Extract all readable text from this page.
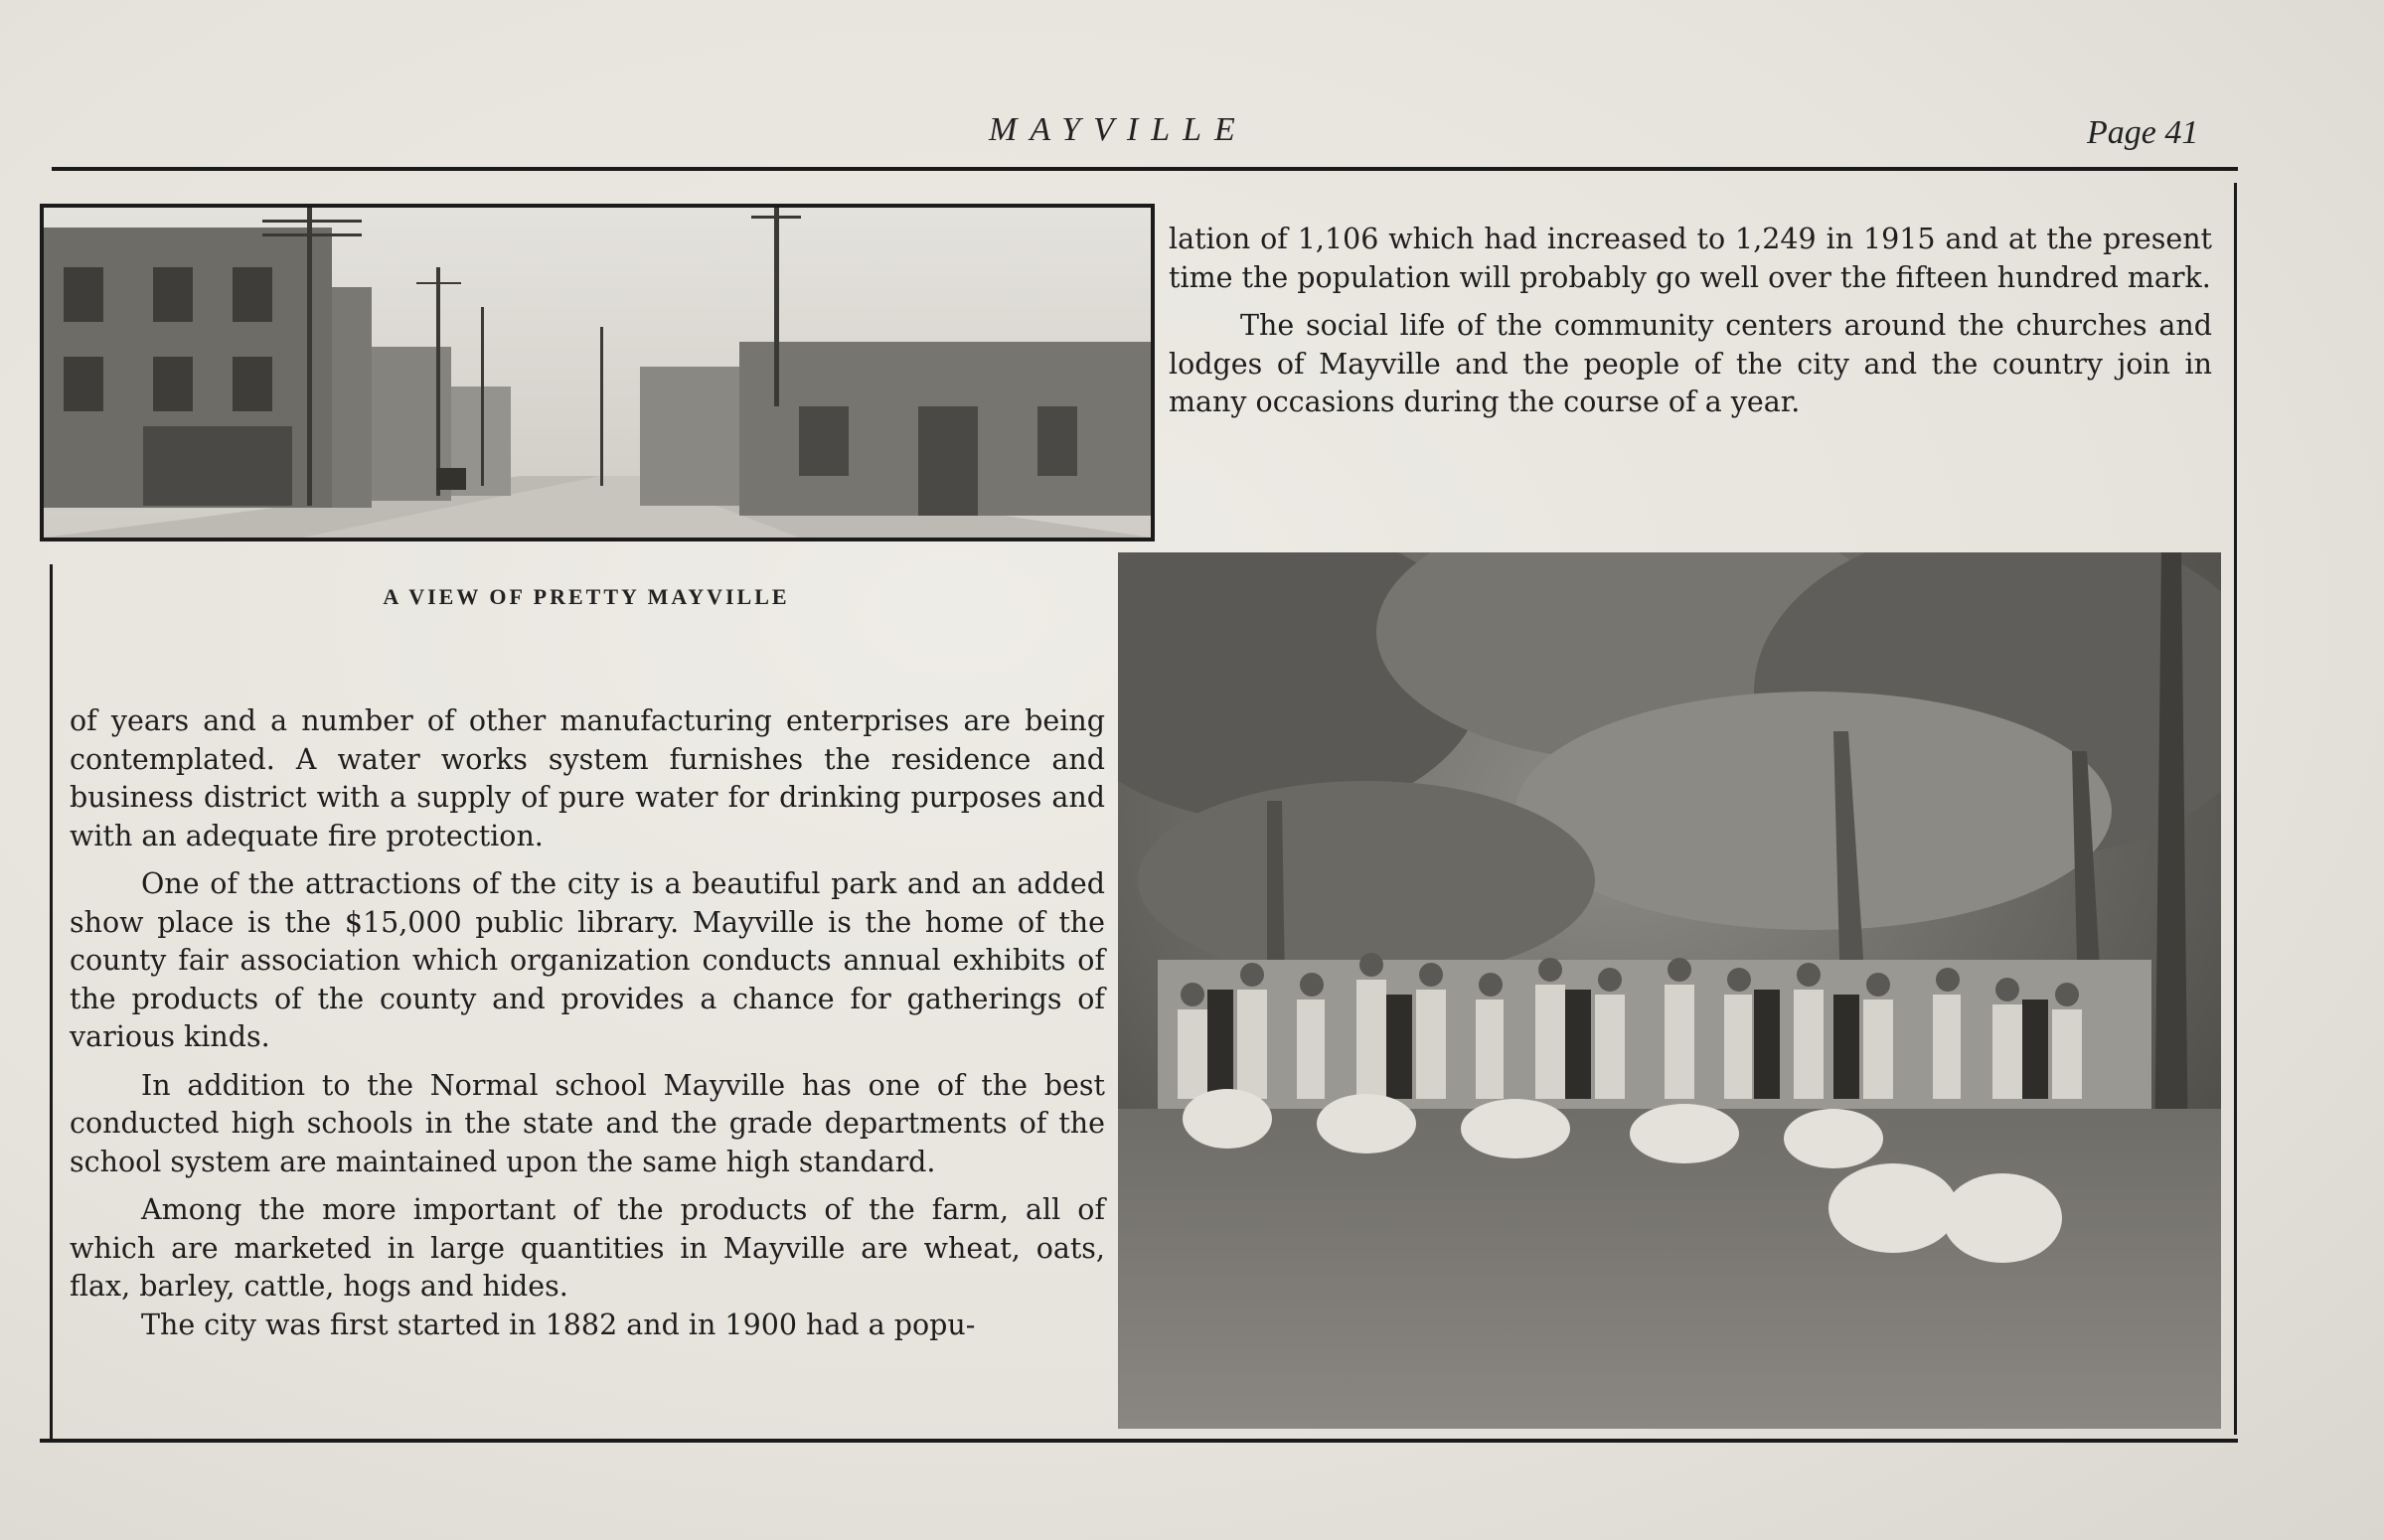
MAYVILLE	Page 41
A VIEW OF PRETTY MAYVILLE

lation of 1,106 which had increased to 1,249 in 1915 and at the present time the population will probably go well over the fifteen hundred mark.

The social life of the community centers around the churches and lodges of Mayville and the people of the city and the country join in many occasions during the course of a year.

of years and a number of other manufacturing enterprises are being contemplated. A water works system furnishes the residence and business district with a supply of pure water for drinking purposes and with an adequate fire protection.

One of the attractions of the city is a beautiful park and an added show place is the $15,000 public library. Mayville is the home of the county fair association which organization conducts annual exhibits of the products of the county and provides a chance for gatherings of various kinds.

In addition to the Normal school Mayville has one of the best conducted high schools in the state and the grade departments of the school system are maintained upon the same high standard.

Among the more important of the products of the farm, all of which are marketed in large quantities in Mayville are wheat, oats, flax, barley, cattle, hogs and hides.

The city was first started in 1882 and in 1900 had a popu-
